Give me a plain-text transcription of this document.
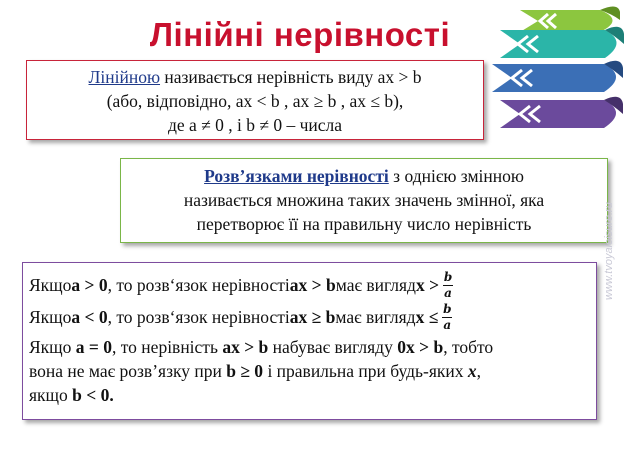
Лінійні нерівності
Лінійною називається нерівність виду ax > b
(або, відповідно, ax < b , ax ≥ b , ax ≤ b),
де a ≠ 0 , і b ≠ 0 – числа
Розв’язками нерівності з однією змінною
називається множина таких значень змінної, яка
перетворює її на правильну число нерівність
Якщо a > 0 , то розв‘язок нерівності ax > b має вигляд $x > \frac{b}{a}$
Якщо a < 0 , то розв‘язок нерівності ax ≥ b має вигляд $x \le \frac{b}{a}$
Якщо a = 0, то нерівність ax > b набуває вигляду 0x > b, тобто
вона не має розв’язку при b ≥ 0 і правильна при будь-яких x,
якщо b < 0.
www.tvoyaleisure.ru
